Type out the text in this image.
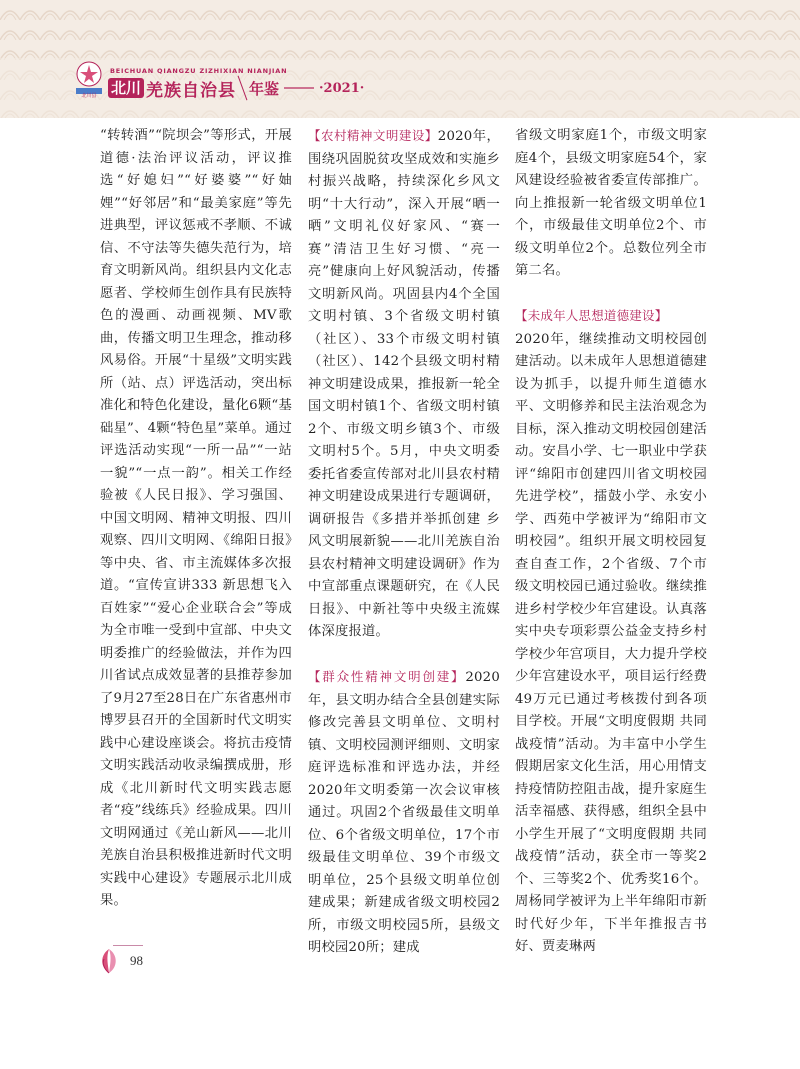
北川县
BEICHUAN QIANGZU ZIZHIXIAN NIANJIAN
北川 羌族自治县 年鉴	·2021·

“转转酒”“院坝会”等形式，开展道德·法治评议活动，评议推选“好媳妇”“好婆婆”“好妯娌”“好邻居”和“最美家庭”等先进典型，评议惩戒不孝顺、不诚信、不守法等失德失范行为，培育文明新风尚。组织县内文化志愿者、学校师生创作具有民族特色的漫画、动画视频、MV歌曲，传播文明卫生理念，推动移风易俗。开展“十星级”文明实践所（站、点）评选活动，突出标准化和特色化建设，量化6颗“基础星”、4颗“特色星”菜单。通过评选活动实现“一所一品”“一站一貌”“一点一韵”。相关工作经验被《人民日报》、学习强国、中国文明网、精神文明报、四川观察、四川文明网、《绵阳日报》等中央、省、市主流媒体多次报道。“宣传宣讲333 新思想飞入百姓家”“爱心企业联合会”等成为全市唯一受到中宣部、中央文明委推广的经验做法，并作为四川省试点成效显著的县推荐参加了9月27至28日在广东省惠州市博罗县召开的全国新时代文明实践中心建设座谈会。将抗击疫情文明实践活动收录编撰成册，形成《北川新时代文明实践志愿者“疫”线练兵》经验成果。四川文明网通过《羌山新风——北川羌族自治县积极推进新时代文明实践中心建设》专题展示北川成果。

【农村精神文明建设】2020年，围绕巩固脱贫攻坚成效和实施乡村振兴战略，持续深化乡风文明“十大行动”，深入开展“晒一晒”文明礼仪好家风、“赛一赛”清洁卫生好习惯、“亮一亮”健康向上好风貌活动，传播文明新风尚。巩固县内4个全国文明村镇、3个省级文明村镇（社区）、33个市级文明村镇（社区）、142个县级文明村精神文明建设成果，推报新一轮全国文明村镇1个、省级文明村镇2个、市级文明乡镇3个、市级文明村5个。5月，中央文明委委托省委宣传部对北川县农村精神文明建设成果进行专题调研，调研报告《多措并举抓创建 乡风文明展新貌——北川羌族自治县农村精神文明建设调研》作为中宣部重点课题研究，在《人民日报》、中新社等中央级主流媒体深度报道。

【群众性精神文明创建】2020年，县文明办结合全县创建实际修改完善县文明单位、文明村镇、文明校园测评细则、文明家庭评选标准和评选办法，并经2020年文明委第一次会议审核通过。巩固2个省级最佳文明单位、6个省级文明单位，17个市级最佳文明单位、39个市级文明单位，25个县级文明单位创建成果；新建成省级文明校园2所，市级文明校园5所，县级文明校园20所；建成

省级文明家庭1个，市级文明家庭4个，县级文明家庭54个，家风建设经验被省委宣传部推广。向上推报新一轮省级文明单位1个，市级最佳文明单位2个、市级文明单位2个。总数位列全市第二名。

【未成年人思想道德建设】

2020年，继续推动文明校园创建活动。以未成年人思想道德建设为抓手，以提升师生道德水平、文明修养和民主法治观念为目标，深入推动文明校园创建活动。安昌小学、七一职业中学获评“绵阳市创建四川省文明校园先进学校”，擂鼓小学、永安小学、西苑中学被评为“绵阳市文明校园”。组织开展文明校园复查自查工作，2个省级、7个市级文明校园已通过验收。继续推进乡村学校少年宫建设。认真落实中央专项彩票公益金支持乡村学校少年宫项目，大力提升学校少年宫建设水平，项目运行经费49万元已通过考核拨付到各项目学校。开展“文明度假期 共同战疫情”活动。为丰富中小学生假期居家文化生活，用心用情支持疫情防控阻击战，提升家庭生活幸福感、获得感，组织全县中小学生开展了“文明度假期 共同战疫情”活动，获全市一等奖2个、三等奖2个、优秀奖16个。周杨同学被评为上半年绵阳市新时代好少年，下半年推报吉书好、贾麦琳两

98
